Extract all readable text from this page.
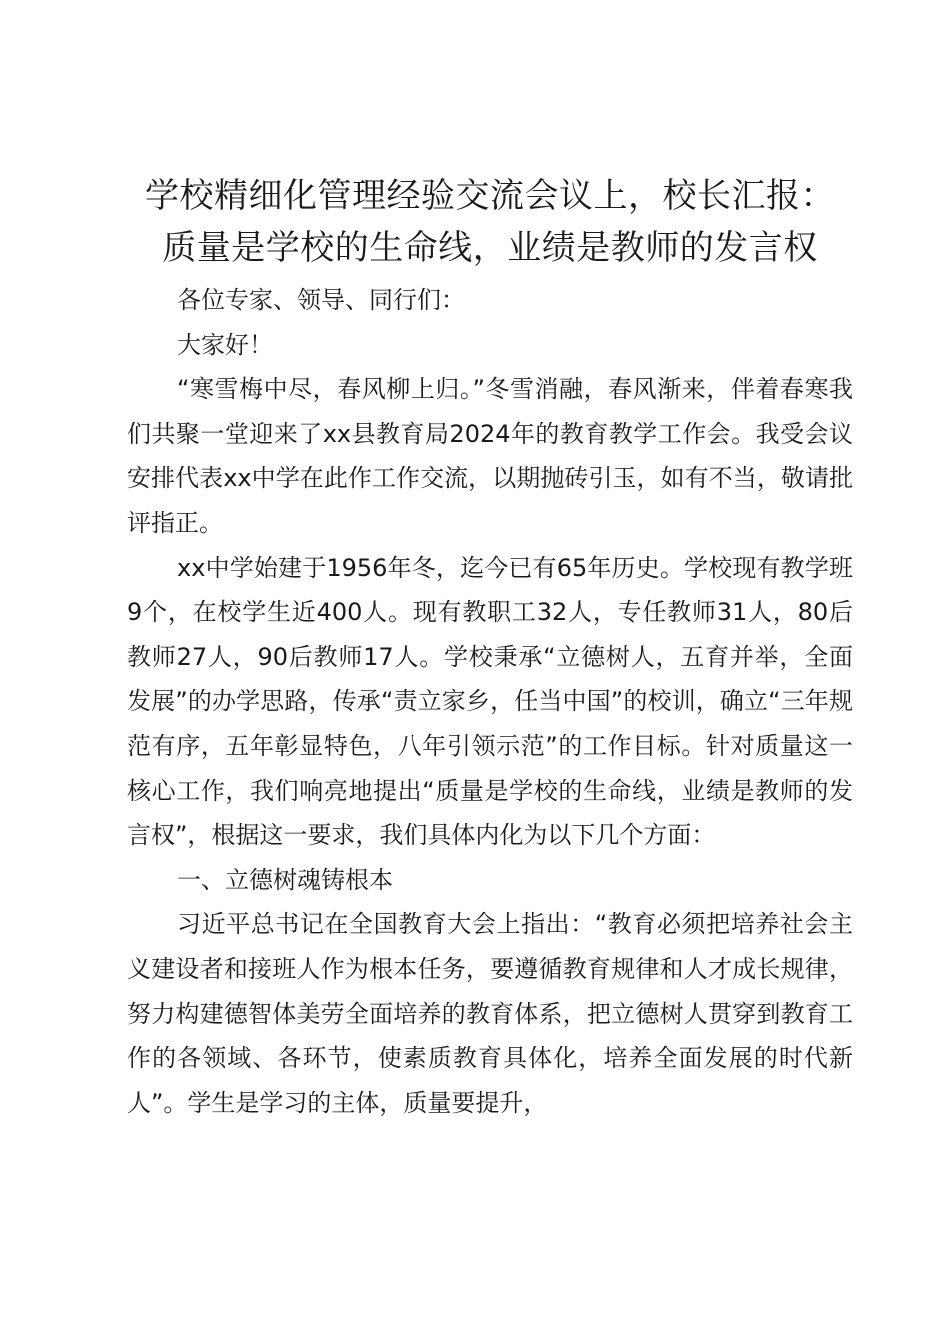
学校精细化管理经验交流会议上，校长汇报：
质量是学校的生命线，业绩是教师的发言权

各位专家、领导、同行们：

大家好！

“寒雪梅中尽，春风柳上归。”冬雪消融，春风渐来，伴着春寒我们共聚一堂迎来了xx县教育局2024年的教育教学工作会。我受会议安排代表xx中学在此作工作交流，以期抛砖引玉，如有不当，敬请批评指正。

xx中学始建于1956年冬，迄今已有65年历史。学校现有教学班9个，在校学生近400人。现有教职工32人，专任教师31人，80后教师27人，90后教师17人。学校秉承“立德树人，五育并举，全面发展”的办学思路，传承“责立家乡，任当中国”的校训，确立“三年规范有序，五年彰显特色，八年引领示范”的工作目标。针对质量这一核心工作，我们响亮地提出“质量是学校的生命线，业绩是教师的发言权”，根据这一要求，我们具体内化为以下几个方面：

一、立德树魂铸根本

习近平总书记在全国教育大会上指出：“教育必须把培养社会主义建设者和接班人作为根本任务，要遵循教育规律和人才成长规律，努力构建德智体美劳全面培养的教育体系，把立德树人贯穿到教育工作的各领域、各环节，使素质教育具体化，培养全面发展的时代新人”。学生是学习的主体，质量要提升，
